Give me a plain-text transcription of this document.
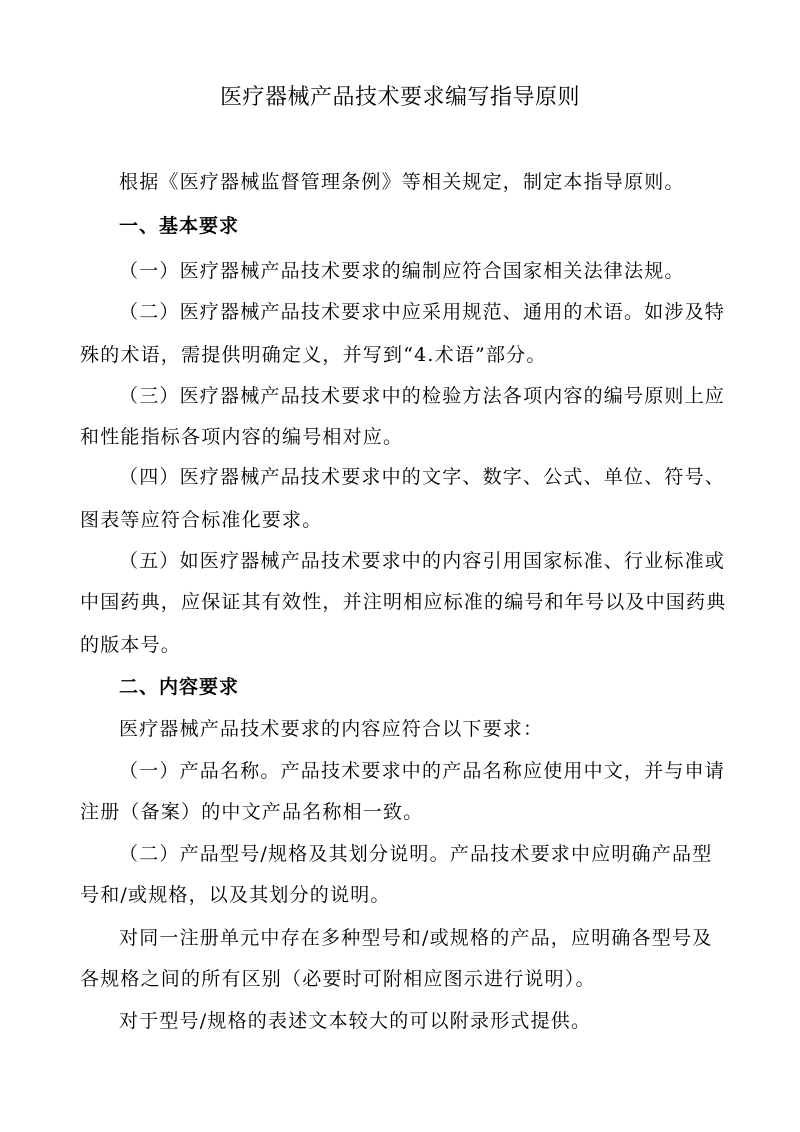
医疗器械产品技术要求编写指导原则
根据《医疗器械监督管理条例》等相关规定，制定本指导原则。
一、基本要求
（一）医疗器械产品技术要求的编制应符合国家相关法律法规。
（二）医疗器械产品技术要求中应采用规范、通用的术语。如涉及特
殊的术语，需提供明确定义，并写到“4.术语”部分。
（三）医疗器械产品技术要求中的检验方法各项内容的编号原则上应
和性能指标各项内容的编号相对应。
（四）医疗器械产品技术要求中的文字、数字、公式、单位、符号、
图表等应符合标准化要求。
（五）如医疗器械产品技术要求中的内容引用国家标准、行业标准或
中国药典，应保证其有效性，并注明相应标准的编号和年号以及中国药典
的版本号。
二、内容要求
医疗器械产品技术要求的内容应符合以下要求：
（一）产品名称。产品技术要求中的产品名称应使用中文，并与申请
注册（备案）的中文产品名称相一致。
（二）产品型号/规格及其划分说明。产品技术要求中应明确产品型
号和/或规格，以及其划分的说明。
对同一注册单元中存在多种型号和/或规格的产品，应明确各型号及
各规格之间的所有区别（必要时可附相应图示进行说明）。
对于型号/规格的表述文本较大的可以附录形式提供。
